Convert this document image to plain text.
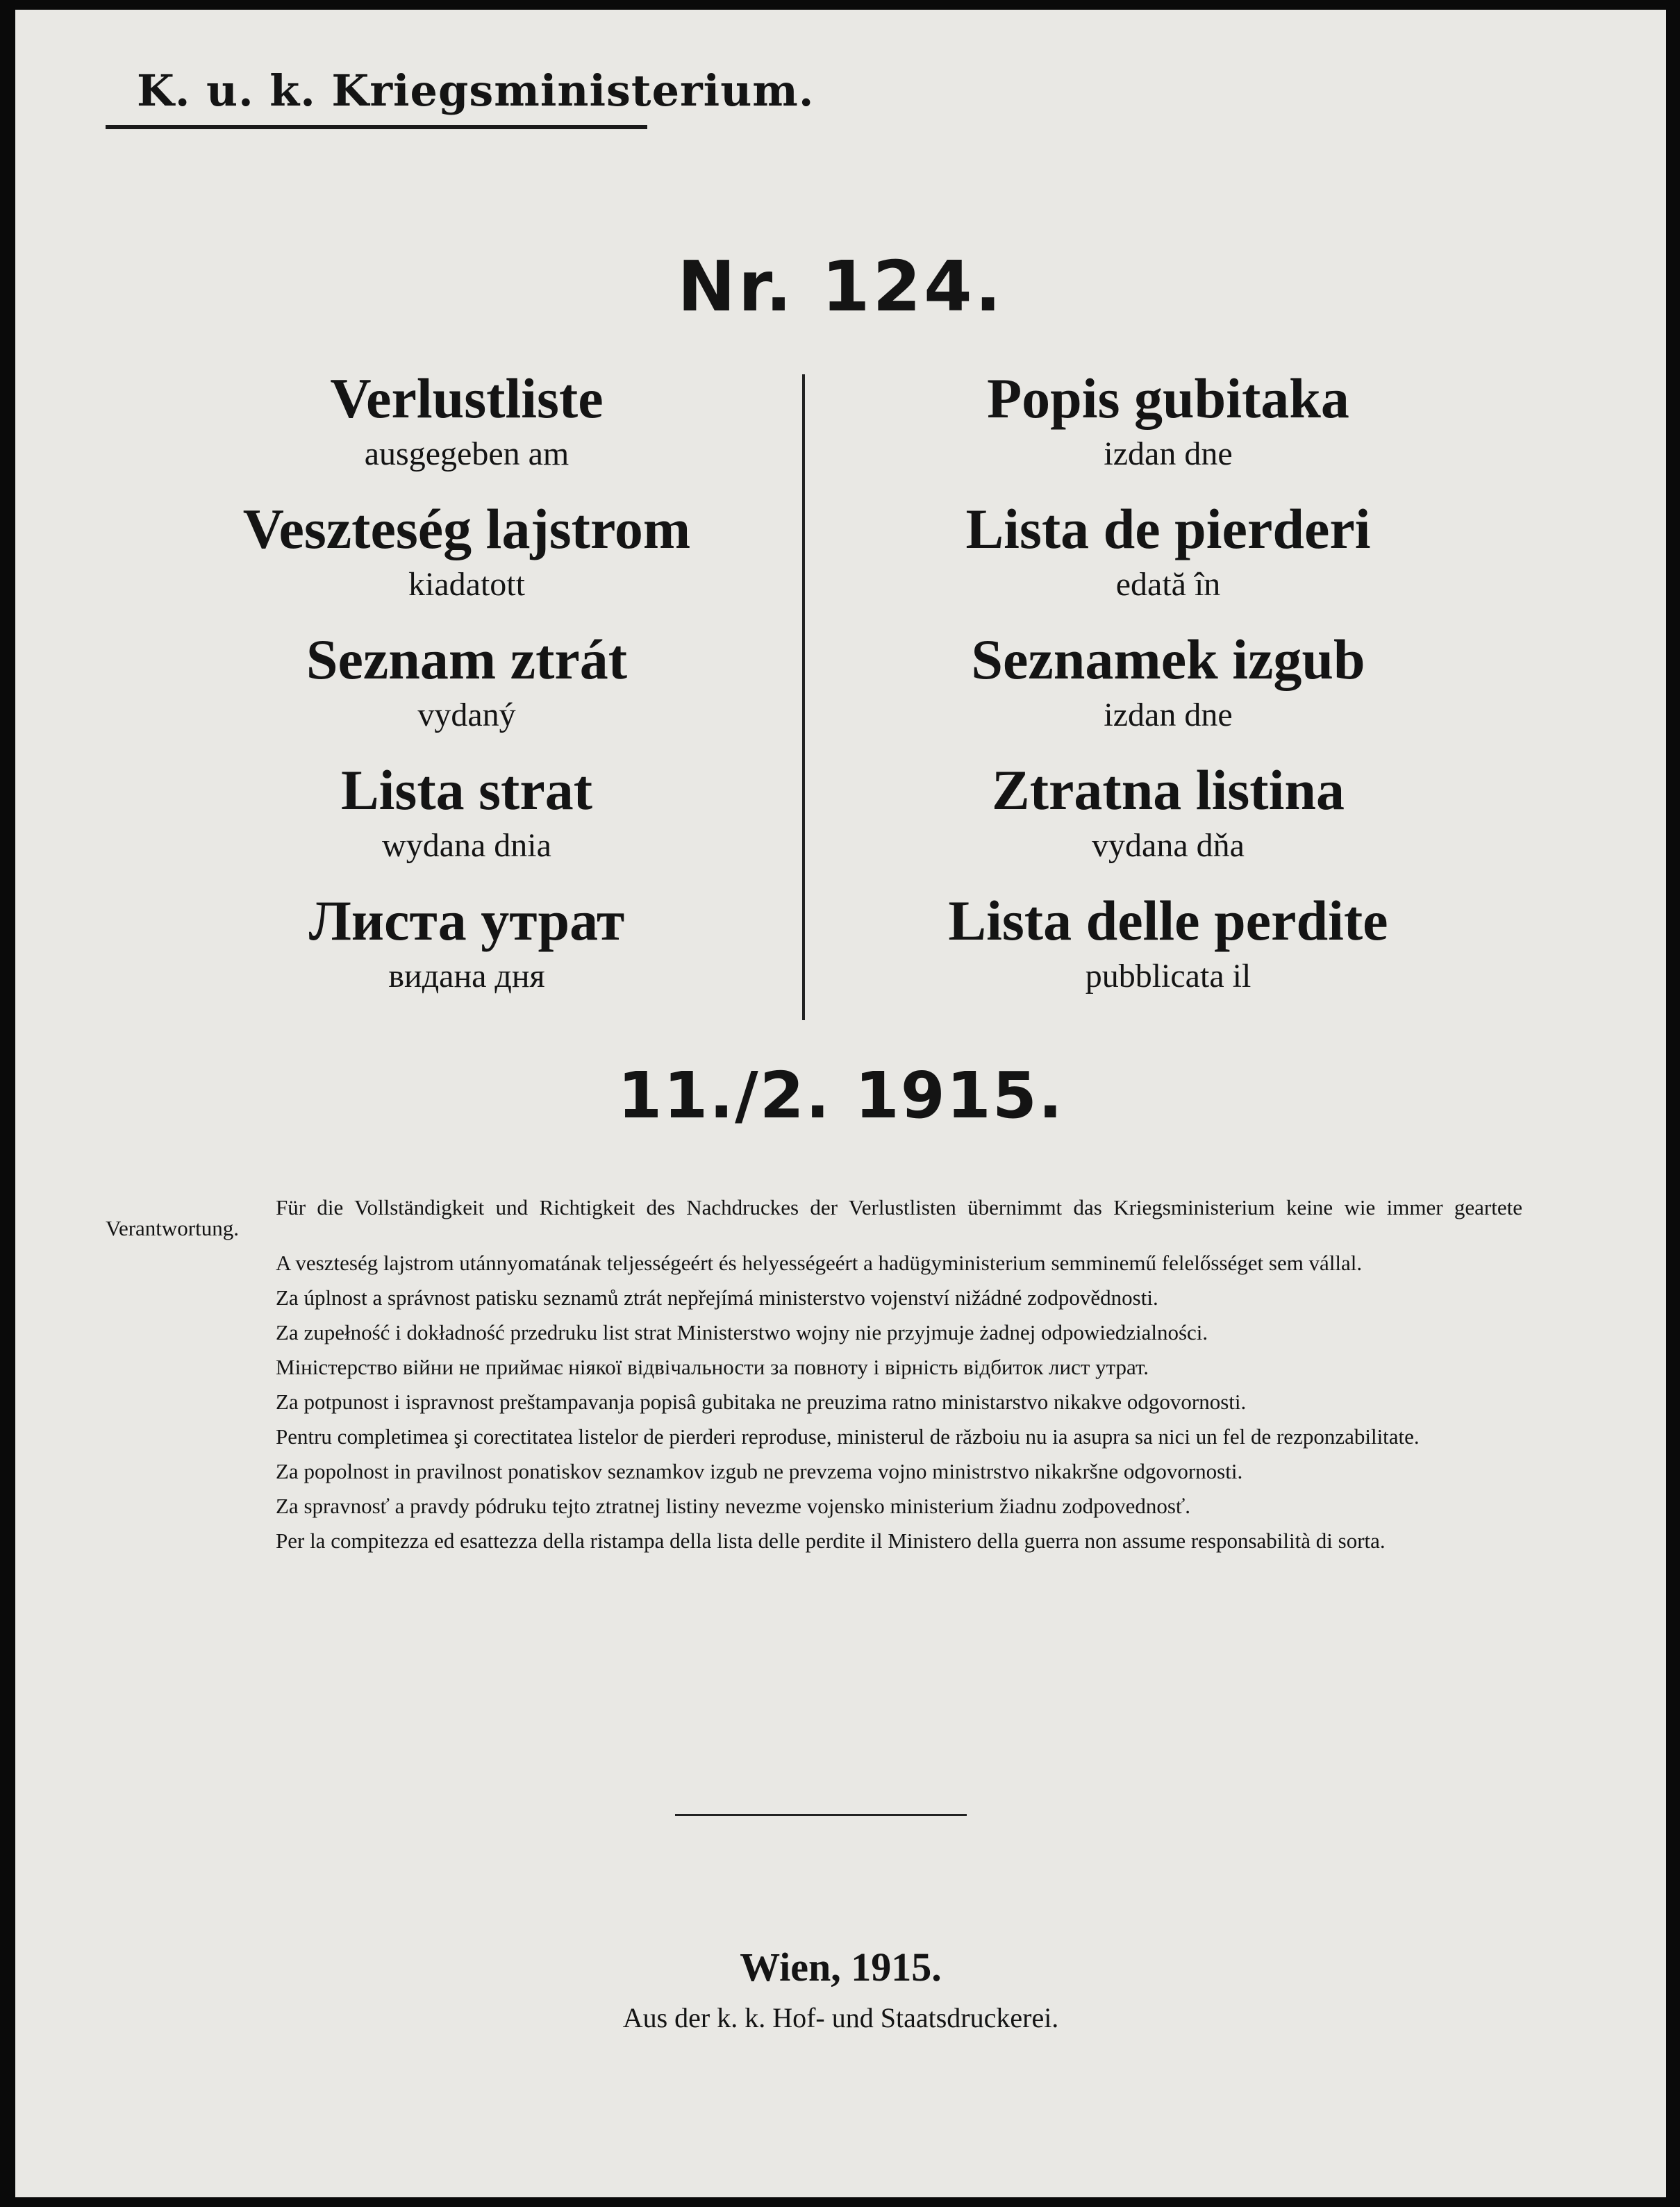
K. u. k. Kriegsministerium.

Nr. 124.

Verlustliste

ausgegeben am

Veszteség lajstrom

kiadatott

Seznam ztrát

vydaný

Lista strat

wydana dnia

Листа утрат

видана дня

Popis gubitaka

izdan dne

Lista de pierderi

edată în

Seznamek izgub

izdan dne

Ztratna listina

vydana dňa

Lista delle perdite

pubblicata il

11./2. 1915.

Für die Vollständigkeit und Richtigkeit des Nachdruckes der Verlustlisten übernimmt das Kriegsministerium keine wie immer geartete Verantwortung.

A veszteség lajstrom utánnyomatának teljességeért és helyességeért a hadügyministerium semminemű felelősséget sem vállal.

Za úplnost a správnost patisku seznamů ztrát nepřejímá ministerstvo vojenství nižádné zodpovědnosti.

Za zupełność i dokładność przedruku list strat Ministerstwo wojny nie przyjmuje żadnej odpowiedzialności.

Міністерство війни не приймає ніякої відвічальности за повноту і вірність відбиток лист утрат.

Za potpunost i ispravnost preštampavanja popisâ gubitaka ne preuzima ratno ministarstvo nikakve odgovornosti.

Pentru completimea şi corectitatea listelor de pierderi reproduse, ministerul de războiu nu ia asupra sa nici un fel de rezponzabilitate.

Za popolnost in pravilnost ponatiskov seznamkov izgub ne prevzema vojno ministrstvo nikakršne odgovornosti.

Za spravnosť a pravdy pódruku tejto ztratnej listiny nevezme vojensko ministerium žiadnu zodpovednosť.

Per la compitezza ed esattezza della ristampa della lista delle perdite il Ministero della guerra non assume responsabilità di sorta.

Wien, 1915.

Aus der k. k. Hof- und Staatsdruckerei.
